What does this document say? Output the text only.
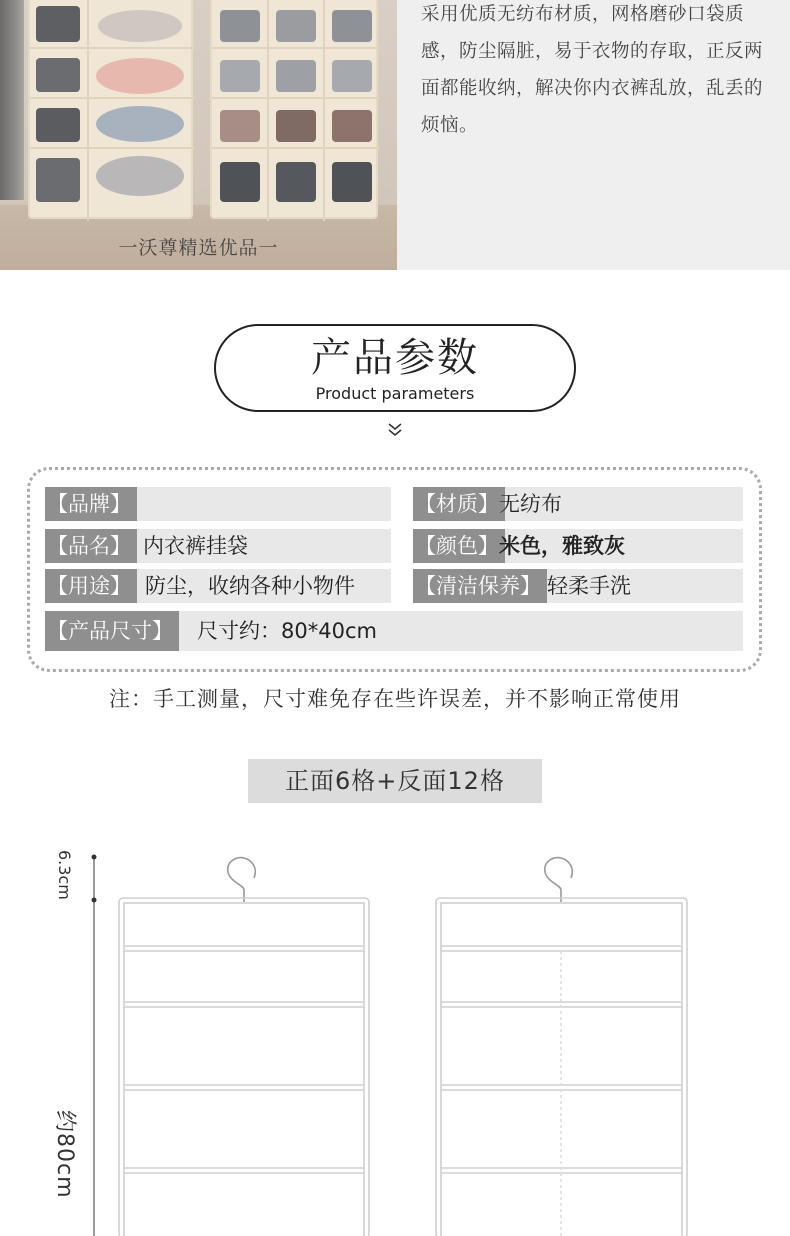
一沃尊精选优品一

采用优质无纺布材质，网格磨砂口袋质感，防尘隔脏，易于衣物的存取，正反两面都能收纳，解决你内衣裤乱放，乱丢的烦恼。

产品参数
Product parameters
【品牌】	【材质】 无纺布
【品名】 内衣裤挂袋	【颜色】 米色，雅致灰
【用途】 防尘，收纳各种小物件	【清洁保养】 轻柔手洗
【产品尺寸】 尺寸约：80*40cm
注：手工测量，尺寸难免存在些许误差，并不影响正常使用
正面6格+反面12格
6.3cm
约80cm
